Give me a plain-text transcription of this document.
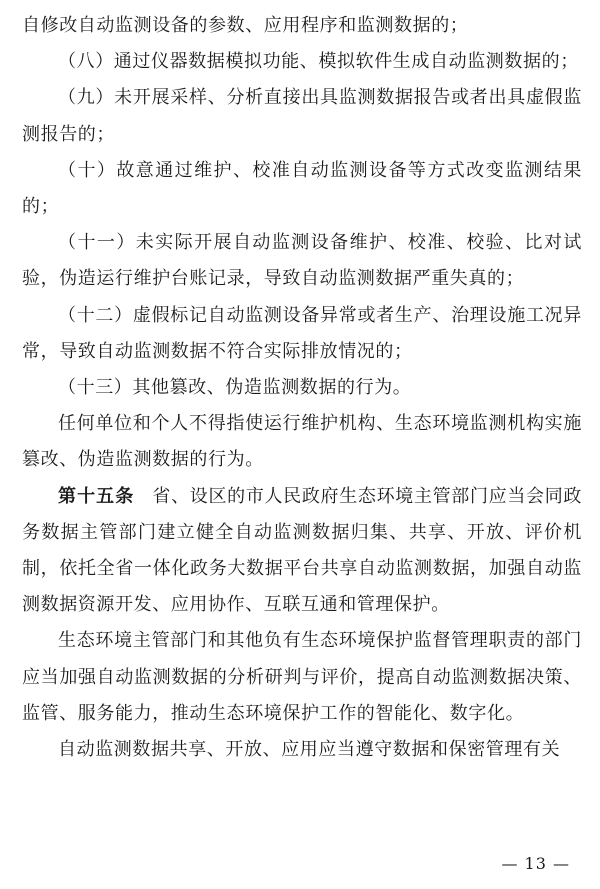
自修改自动监测设备的参数、应用程序和监测数据的；

（八）通过仪器数据模拟功能、模拟软件生成自动监测数据的；

（九）未开展采样、分析直接出具监测数据报告或者出具虚假监测报告的；

（十）故意通过维护、校准自动监测设备等方式改变监测结果的；

（十一）未实际开展自动监测设备维护、校准、校验、比对试验，伪造运行维护台账记录，导致自动监测数据严重失真的；

（十二）虚假标记自动监测设备异常或者生产、治理设施工况异常，导致自动监测数据不符合实际排放情况的；

（十三）其他篡改、伪造监测数据的行为。

任何单位和个人不得指使运行维护机构、生态环境监测机构实施篡改、伪造监测数据的行为。

第十五条 省、设区的市人民政府生态环境主管部门应当会同政务数据主管部门建立健全自动监测数据归集、共享、开放、评价机制，依托全省一体化政务大数据平台共享自动监测数据，加强自动监测数据资源开发、应用协作、互联互通和管理保护。

生态环境主管部门和其他负有生态环境保护监督管理职责的部门应当加强自动监测数据的分析研判与评价，提高自动监测数据决策、监管、服务能力，推动生态环境保护工作的智能化、数字化。

自动监测数据共享、开放、应用应当遵守数据和保密管理有关

— 13 —
